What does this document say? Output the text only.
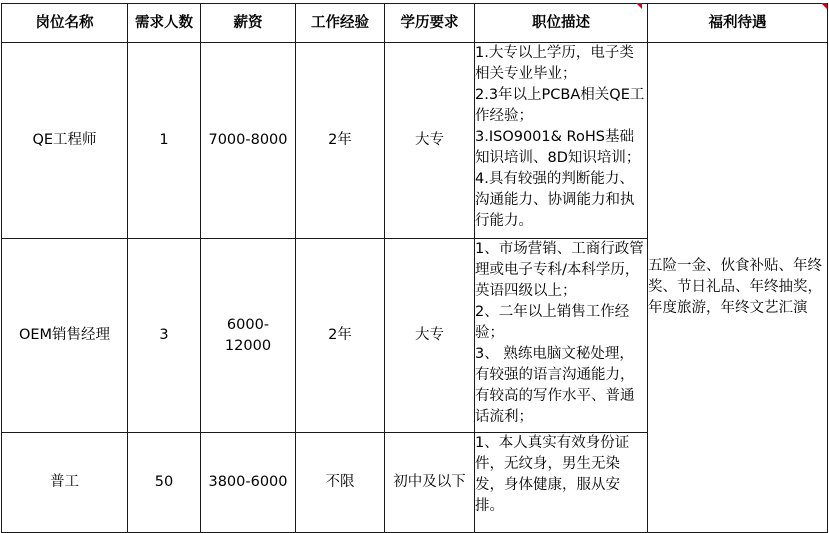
岗位名称	需求人数	薪资	工作经验	学历要求	职位描述	福利待遇
QE工程师	1	7000-8000	2年	大专	1.大专以上学历，电子类相关专业毕业；
2.3年以上PCBA相关QE工作经验；
3.ISO9001& RoHS基础知识培训、8D知识培训；
4.具有较强的判断能力、沟通能力、协调能力和执行能力。	五险一金、伙食补贴、年终奖、节日礼品、年终抽奖，年度旅游，年终文艺汇演
OEM销售经理	3	6000-12000	2年	大专	1、市场营销、工商行政管理或电子专科/本科学历，英语四级以上；
2、二年以上销售工作经验；
3、 熟练电脑文秘处理，有较强的语言沟通能力，有较高的写作水平、普通话流利；	

普工	50	3800-6000	不限	初中及以下	1、本人真实有效身份证件，无纹身，男生无染发，身体健康，服从安排。	
